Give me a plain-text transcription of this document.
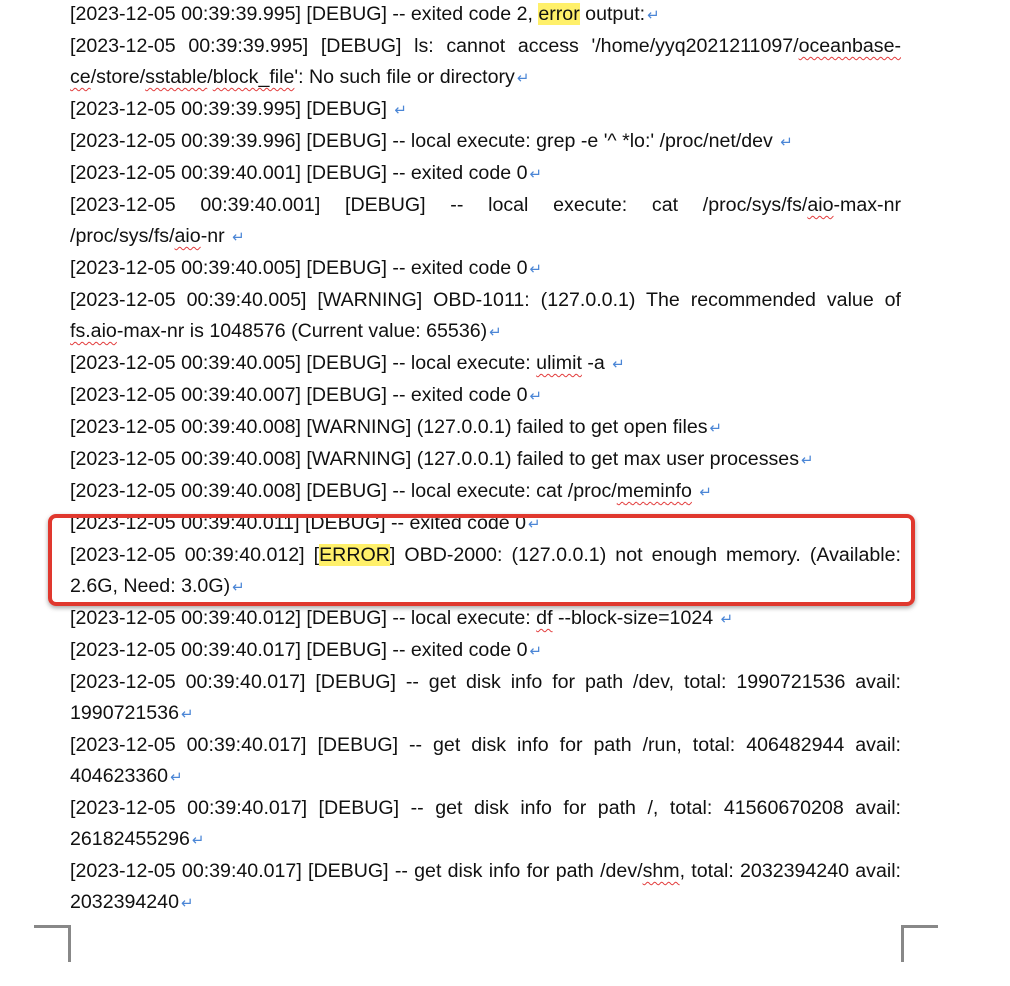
[2023-12-05 00:39:39.995] [DEBUG] -- exited code 2, error output: ↵

[2023-12-05 00:39:39.995] [DEBUG] ls: cannot access '/home/yyq2021211097/oceanbase-ce/store/sstable/block_file': No such file or directory ↵

[2023-12-05 00:39:39.995] [DEBUG] ↵

[2023-12-05 00:39:39.996] [DEBUG] -- local execute: grep -e '^ *lo:' /proc/net/dev ↵

[2023-12-05 00:39:40.001] [DEBUG] -- exited code 0 ↵

[2023-12-05 00:39:40.001] [DEBUG] -- local execute: cat /proc/sys/fs/aio-max-nr /proc/sys/fs/aio-nr ↵

[2023-12-05 00:39:40.005] [DEBUG] -- exited code 0 ↵

[2023-12-05 00:39:40.005] [WARNING] OBD-1011: (127.0.0.1) The recommended value of fs.aio-max-nr is 1048576 (Current value: 65536) ↵

[2023-12-05 00:39:40.005] [DEBUG] -- local execute: ulimit -a ↵

[2023-12-05 00:39:40.007] [DEBUG] -- exited code 0 ↵

[2023-12-05 00:39:40.008] [WARNING] (127.0.0.1) failed to get open files ↵

[2023-12-05 00:39:40.008] [WARNING] (127.0.0.1) failed to get max user processes ↵

[2023-12-05 00:39:40.008] [DEBUG] -- local execute: cat /proc/meminfo ↵

[2023-12-05 00:39:40.011] [DEBUG] -- exited code 0 ↵

[2023-12-05 00:39:40.012] [ERROR] OBD-2000: (127.0.0.1) not enough memory. (Available: 2.6G, Need: 3.0G) ↵

[2023-12-05 00:39:40.012] [DEBUG] -- local execute: df --block-size=1024 ↵

[2023-12-05 00:39:40.017] [DEBUG] -- exited code 0 ↵

[2023-12-05 00:39:40.017] [DEBUG] -- get disk info for path /dev, total: 1990721536 avail: 1990721536 ↵

[2023-12-05 00:39:40.017] [DEBUG] -- get disk info for path /run, total: 406482944 avail: 404623360 ↵

[2023-12-05 00:39:40.017] [DEBUG] -- get disk info for path /, total: 41560670208 avail: 26182455296 ↵

[2023-12-05 00:39:40.017] [DEBUG] -- get disk info for path /dev/shm, total: 2032394240 avail: 2032394240 ↵
